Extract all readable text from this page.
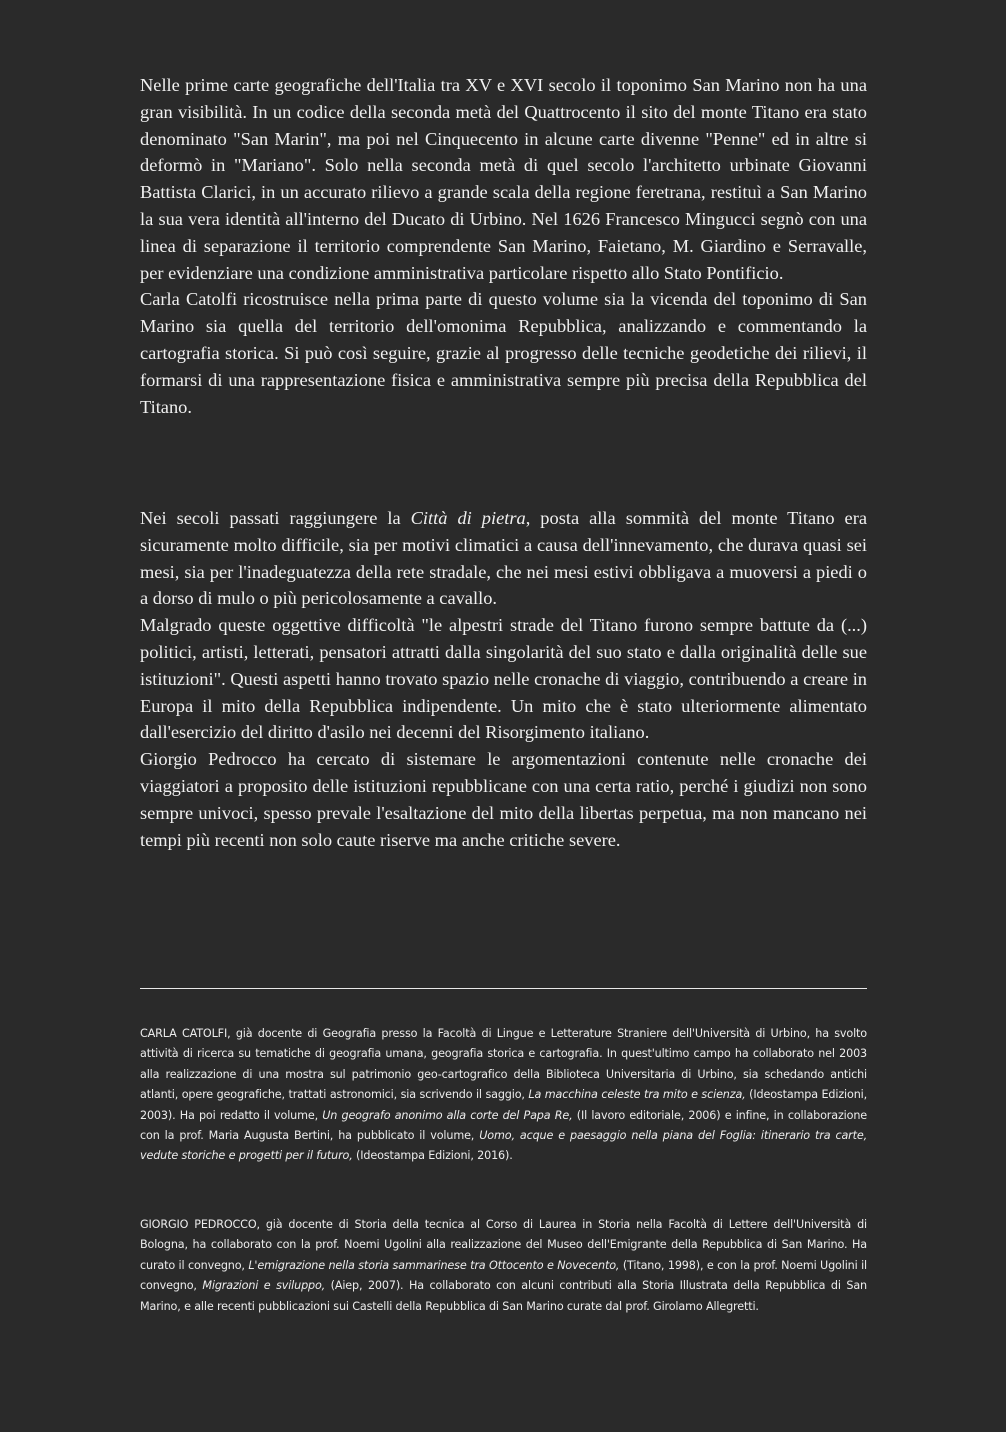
Nelle prime carte geografiche dell'Italia tra XV e XVI secolo il toponimo San Marino non ha una gran visibilità. In un codice della seconda metà del Quattrocento il sito del monte Titano era stato denominato "San Marin", ma poi nel Cinquecento in alcune carte divenne "Penne" ed in altre si deformò in "Mariano". Solo nella seconda metà di quel secolo l'architetto urbinate Giovanni Battista Clarici, in un accurato rilievo a grande scala della regione feretrana, restituì a San Marino la sua vera identità all'interno del Ducato di Urbino. Nel 1626 Francesco Mingucci segnò con una linea di separazione il territorio comprendente San Marino, Faietano, M. Giardino e Serravalle, per evidenziare una condizione amministrativa particolare rispetto allo Stato Pontificio.

Carla Catolfi ricostruisce nella prima parte di questo volume sia la vicenda del toponimo di San Marino sia quella del territorio dell'omonima Repubblica, analizzando e commentando la cartografia storica. Si può così seguire, grazie al progresso delle tecniche geodetiche dei rilievi, il formarsi di una rappresentazione fisica e amministrativa sempre più precisa della Repubblica del Titano.

Nei secoli passati raggiungere la Città di pietra, posta alla sommità del monte Titano era sicuramente molto difficile, sia per motivi climatici a causa dell'innevamento, che durava quasi sei mesi, sia per l'inadeguatezza della rete stradale, che nei mesi estivi obbligava a muoversi a piedi o a dorso di mulo o più pericolosamente a cavallo.

Malgrado queste oggettive difficoltà "le alpestri strade del Titano furono sempre battute da (...) politici, artisti, letterati, pensatori attratti dalla singolarità del suo stato e dalla originalità delle sue istituzioni". Questi aspetti hanno trovato spazio nelle cronache di viaggio, contribuendo a creare in Europa il mito della Repubblica indipendente. Un mito che è stato ulteriormente alimentato dall'esercizio del diritto d'asilo nei decenni del Risorgimento italiano.

Giorgio Pedrocco ha cercato di sistemare le argomentazioni contenute nelle cronache dei viaggiatori a proposito delle istituzioni repubblicane con una certa ratio, perché i giudizi non sono sempre univoci, spesso prevale l'esaltazione del mito della libertas perpetua, ma non mancano nei tempi più recenti non solo caute riserve ma anche critiche severe.

CARLA CATOLFI, già docente di Geografia presso la Facoltà di Lingue e Letterature Straniere dell'Università di Urbino, ha svolto attività di ricerca su tematiche di geografia umana, geografia storica e cartografia. In quest'ultimo campo ha collaborato nel 2003 alla realizzazione di una mostra sul patrimonio geo-cartografico della Biblioteca Universitaria di Urbino, sia schedando antichi atlanti, opere geografiche, trattati astronomici, sia scrivendo il saggio, La macchina celeste tra mito e scienza, (Ideostampa Edizioni, 2003). Ha poi redatto il volume, Un geografo anonimo alla corte del Papa Re, (Il lavoro editoriale, 2006) e infine, in collaborazione con la prof. Maria Augusta Bertini, ha pubblicato il volume, Uomo, acque e paesaggio nella piana del Foglia: itinerario tra carte, vedute storiche e progetti per il futuro, (Ideostampa Edizioni, 2016).

GIORGIO PEDROCCO, già docente di Storia della tecnica al Corso di Laurea in Storia nella Facoltà di Lettere dell'Università di Bologna, ha collaborato con la prof. Noemi Ugolini alla realizzazione del Museo dell'Emigrante della Repubblica di San Marino. Ha curato il convegno, L'emigrazione nella storia sammarinese tra Ottocento e Novecento, (Titano, 1998), e con la prof. Noemi Ugolini il convegno, Migrazioni e sviluppo, (Aiep, 2007). Ha collaborato con alcuni contributi alla Storia Illustrata della Repubblica di San Marino, e alle recenti pubblicazioni sui Castelli della Repubblica di San Marino curate dal prof. Girolamo Allegretti.
